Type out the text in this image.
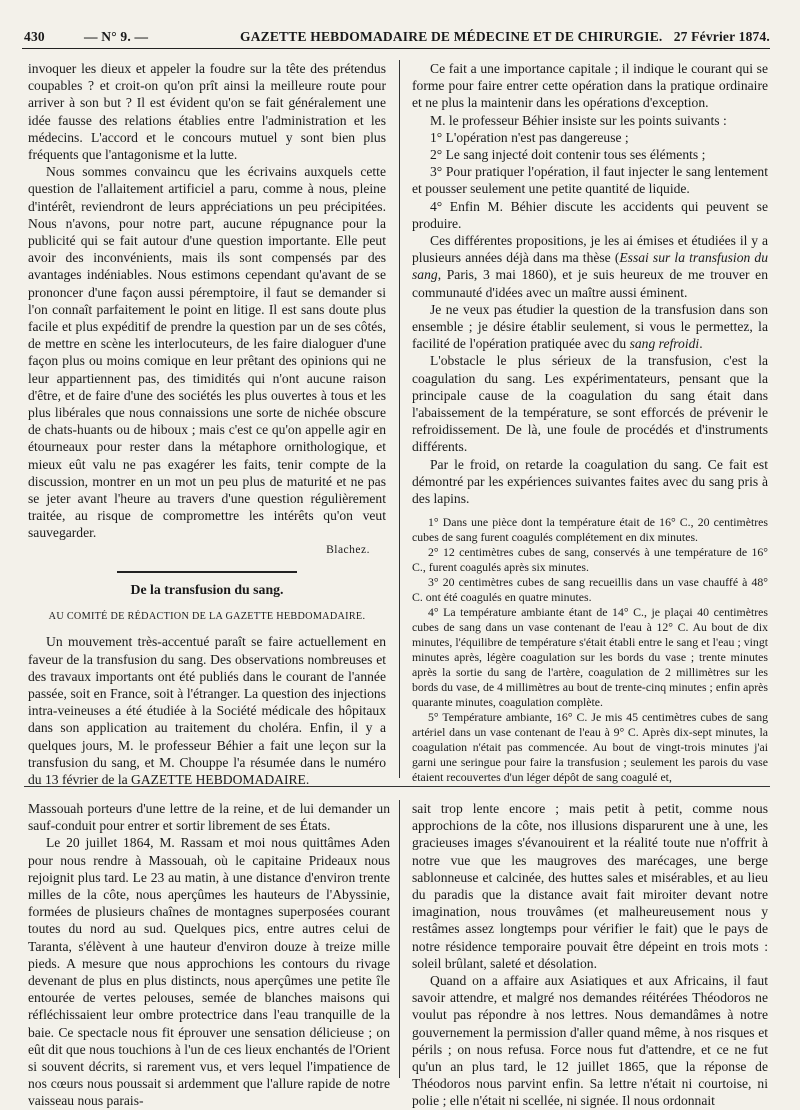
430	— N° 9. —	GAZETTE HEBDOMADAIRE DE MÉDECINE ET DE CHIRURGIE. 27 Février 1874.

invoquer les dieux et appeler la foudre sur la tête des prétendus coupables ? et croit-on qu'on prît ainsi la meilleure route pour arriver à son but ? Il est évident qu'on se fait généralement une idée fausse des relations établies entre l'administration et les médecins. L'accord et le concours mutuel y sont bien plus fréquents que l'antagonisme et la lutte.

Nous sommes convaincu que les écrivains auxquels cette question de l'allaitement artificiel a paru, comme à nous, pleine d'intérêt, reviendront de leurs appréciations un peu précipitées. Nous n'avons, pour notre part, aucune répugnance pour la publicité qui se fait autour d'une question importante. Elle peut avoir des inconvénients, mais ils sont compensés par des avantages indéniables. Nous estimons cependant qu'avant de se prononcer d'une façon aussi péremptoire, il faut se demander si l'on connaît parfaitement le point en litige. Il est sans doute plus facile et plus expéditif de prendre la question par un de ses côtés, de mettre en scène les interlocuteurs, de les faire dialoguer d'une façon plus ou moins comique en leur prêtant des opinions qui ne leur appartiennent pas, des timidités qui n'ont aucune raison d'être, et de faire d'une des sociétés les plus ouvertes à tous et les plus libérales que nous connaissions une sorte de nichée obscure de chats-huants ou de hiboux ; mais c'est ce qu'on appelle agir en étourneaux pour rester dans la métaphore ornithologique, et mieux eût valu ne pas exagérer les faits, tenir compte de la discussion, montrer en un mot un peu plus de maturité et ne pas se jeter avant l'heure au travers d'une question régulièrement traitée, au risque de compromettre les intérêts qu'on veut sauvegarder.

Blachez.

De la transfusion du sang.
AU COMITÉ DE RÉDACTION DE LA GAZETTE HEBDOMADAIRE.

Un mouvement très-accentué paraît se faire actuellement en faveur de la transfusion du sang. Des observations nombreuses et des travaux importants ont été publiés dans le courant de l'année passée, soit en France, soit à l'étranger. La question des injections intra-veineuses a été étudiée à la Société médicale des hôpitaux dans son application au traitement du choléra. Enfin, il y a quelques jours, M. le professeur Béhier a fait une leçon sur la transfusion du sang, et M. Chouppe l'a résumée dans le numéro du 13 février de la GAZETTE HEBDOMADAIRE.

Ce fait a une importance capitale ; il indique le courant qui se forme pour faire entrer cette opération dans la pratique ordinaire et ne plus la maintenir dans les opérations d'exception.

M. le professeur Béhier insiste sur les points suivants :

1° L'opération n'est pas dangereuse ;

2° Le sang injecté doit contenir tous ses éléments ;

3° Pour pratiquer l'opération, il faut injecter le sang lentement et pousser seulement une petite quantité de liquide.

4° Enfin M. Béhier discute les accidents qui peuvent se produire.

Ces différentes propositions, je les ai émises et étudiées il y a plusieurs années déjà dans ma thèse (Essai sur la transfusion du sang, Paris, 3 mai 1860), et je suis heureux de me trouver en communauté d'idées avec un maître aussi éminent.

Je ne veux pas étudier la question de la transfusion dans son ensemble ; je désire établir seulement, si vous le permettez, la facilité de l'opération pratiquée avec du sang refroidi.

L'obstacle le plus sérieux de la transfusion, c'est la coagulation du sang. Les expérimentateurs, pensant que la principale cause de la coagulation du sang était dans l'abaissement de la température, se sont efforcés de prévenir le refroidissement. De là, une foule de procédés et d'instruments différents.

Par le froid, on retarde la coagulation du sang. Ce fait est démontré par les expériences suivantes faites avec du sang pris à des lapins.

1° Dans une pièce dont la température était de 16° C., 20 centimètres cubes de sang furent coagulés complétement en dix minutes.

2° 12 centimètres cubes de sang, conservés à une température de 16° C., furent coagulés après six minutes.

3° 20 centimètres cubes de sang recueillis dans un vase chauffé à 48° C. ont été coagulés en quatre minutes.

4° La température ambiante étant de 14° C., je plaçai 40 centimètres cubes de sang dans un vase contenant de l'eau à 12° C. Au bout de dix minutes, l'équilibre de température s'était établi entre le sang et l'eau ; vingt minutes après, légère coagulation sur les bords du vase ; trente minutes après la sortie du sang de l'artère, coagulation de 2 millimètres sur les bords du vase, de 4 millimètres au bout de trente-cinq minutes ; enfin après quarante minutes, coagulation complète.

5° Température ambiante, 16° C. Je mis 45 centimètres cubes de sang artériel dans un vase contenant de l'eau à 9° C. Après dix-sept minutes, la coagulation n'était pas commencée. Au bout de vingt-trois minutes j'ai garni une seringue pour faire la transfusion ; seulement les parois du vase étaient recouvertes d'un léger dépôt de sang coagulé et,

Massouah porteurs d'une lettre de la reine, et de lui demander un sauf-conduit pour entrer et sortir librement de ses États.

Le 20 juillet 1864, M. Rassam et moi nous quittâmes Aden pour nous rendre à Massouah, où le capitaine Prideaux nous rejoignit plus tard. Le 23 au matin, à une distance d'environ trente milles de la côte, nous aperçûmes les hauteurs de l'Abyssinie, formées de plusieurs chaînes de montagnes superposées courant toutes du nord au sud. Quelques pics, entre autres celui de Taranta, s'élèvent à une hauteur d'environ douze à treize mille pieds. A mesure que nous approchions les contours du rivage devenant de plus en plus distincts, nous aperçûmes une petite île entourée de vertes pelouses, semée de blanches maisons qui réfléchissaient leur ombre protectrice dans l'eau tranquille de la baie. Ce spectacle nous fit éprouver une sensation délicieuse ; on eût dit que nous touchions à l'un de ces lieux enchantés de l'Orient si souvent décrits, si rarement vus, et vers lequel l'impatience de nos cœurs nous poussait si ardemment que l'allure rapide de notre vaisseau nous parais-

sait trop lente encore ; mais petit à petit, comme nous approchions de la côte, nos illusions disparurent une à une, les gracieuses images s'évanouirent et la réalité toute nue n'offrit à notre vue que les maugroves des marécages, une berge sablonneuse et calcinée, des huttes sales et misérables, et au lieu du paradis que la distance avait fait miroiter devant notre imagination, nous trouvâmes (et malheureusement nous y restâmes assez longtemps pour vérifier le fait) que le pays de notre résidence temporaire pouvait être dépeint en trois mots : soleil brûlant, saleté et désolation.

Quand on a affaire aux Asiatiques et aux Africains, il faut savoir attendre, et malgré nos demandes réitérées Théodoros ne voulut pas répondre à nos lettres. Nous demandâmes à notre gouvernement la permission d'aller quand même, à nos risques et périls ; on nous refusa. Force nous fut d'attendre, et ce ne fut qu'un an plus tard, le 12 juillet 1865, que la réponse de Théodoros nous parvint enfin. Sa lettre n'était ni courtoise, ni polie ; elle n'était ni scellée, ni signée. Il nous ordonnait
